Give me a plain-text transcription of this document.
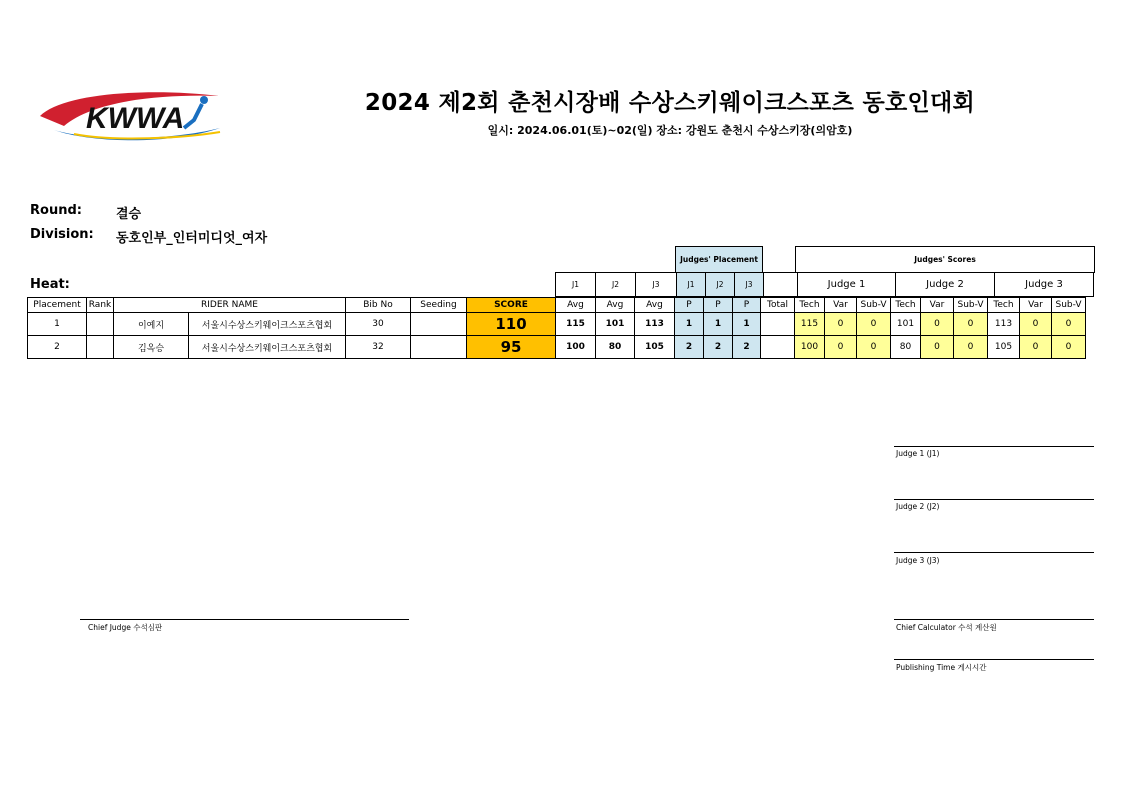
KWWA	2024 제2회 춘천시장배 수상스키웨이크스포츠 동호인대회
일시: 2024.06.01(토)~02(일) 장소: 강원도 춘천시 수상스키장(의암호)
Round:	결승
Division: 동호인부_인터미디엇_여자
Heat:
Judges' Placement	Judges' Scores
J1	J2	J3	J1	J2	J3		Judge 1	Judge 2	Judge 3
Placement	Rank	RIDER NAME		Bib No	Seeding	SCORE	Avg	Avg	Avg	P	P	P	Total	Tech	Var	Sub-V	Tech	Var	Sub-V	Tech	Var	Sub-V
1		이예지	서울시수상스키웨이크스포츠협회	30		110	115	101	113	1	1	1		115	0	0	101	0	0	113	0	0
2		김옥승	서울시수상스키웨이크스포츠협회	32		95	100	80	105	2	2	2		100	0	0	80	0	0	105	0	0
Judge 1 (J1)
Judge 2 (J2)
Judge 3 (J3)
Chief Judge 수석심판	Chief Calculator 수석 계산원
Publishing Time 게시시간
